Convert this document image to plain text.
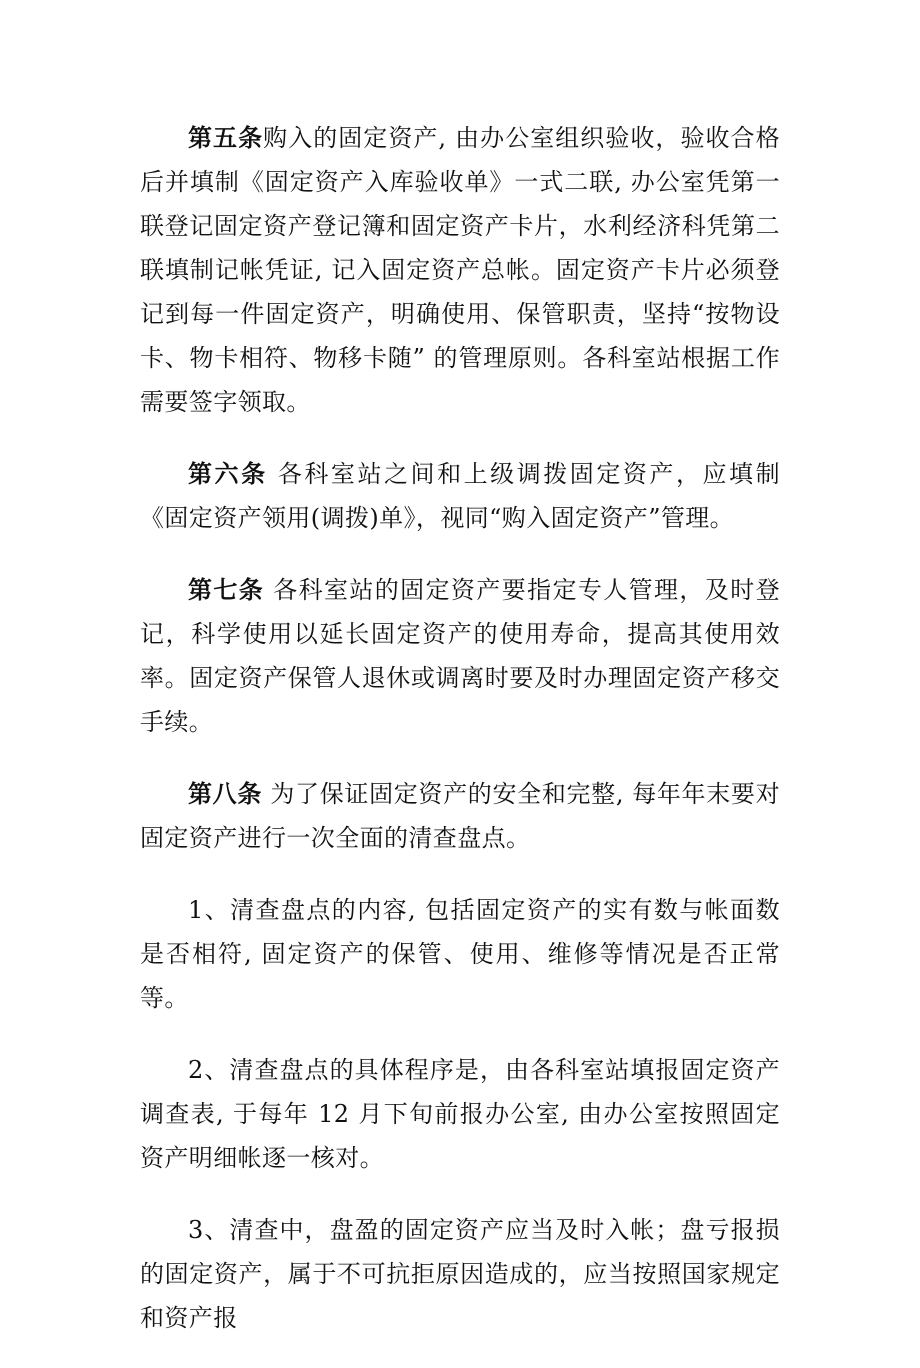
第五条购入的固定资产, 由办公室组织验收，验收合格后并填制《固定资产入库验收单》一式二联, 办公室凭第一联登记固定资产登记簿和固定资产卡片，水利经济科凭第二联填制记帐凭证, 记入固定资产总帐。固定资产卡片必须登记到每一件固定资产，明确使用、保管职责，坚持“按物设卡、物卡相符、物移卡随” 的管理原则。各科室站根据工作需要签字领取。

第六条 各科室站之间和上级调拨固定资产，应填制《固定资产领用(调拨)单》，视同“购入固定资产”管理。

第七条 各科室站的固定资产要指定专人管理，及时登记，科学使用以延长固定资产的使用寿命，提高其使用效率。固定资产保管人退休或调离时要及时办理固定资产移交手续。

第八条 为了保证固定资产的安全和完整, 每年年末要对固定资产进行一次全面的清查盘点。

1、清查盘点的内容, 包括固定资产的实有数与帐面数是否相符, 固定资产的保管、使用、维修等情况是否正常等。

2、清查盘点的具体程序是，由各科室站填报固定资产调查表, 于每年 12 月下旬前报办公室, 由办公室按照固定资产明细帐逐一核对。

3、清查中，盘盈的固定资产应当及时入帐；盘亏报损的固定资产，属于不可抗拒原因造成的，应当按照国家规定和资产报
